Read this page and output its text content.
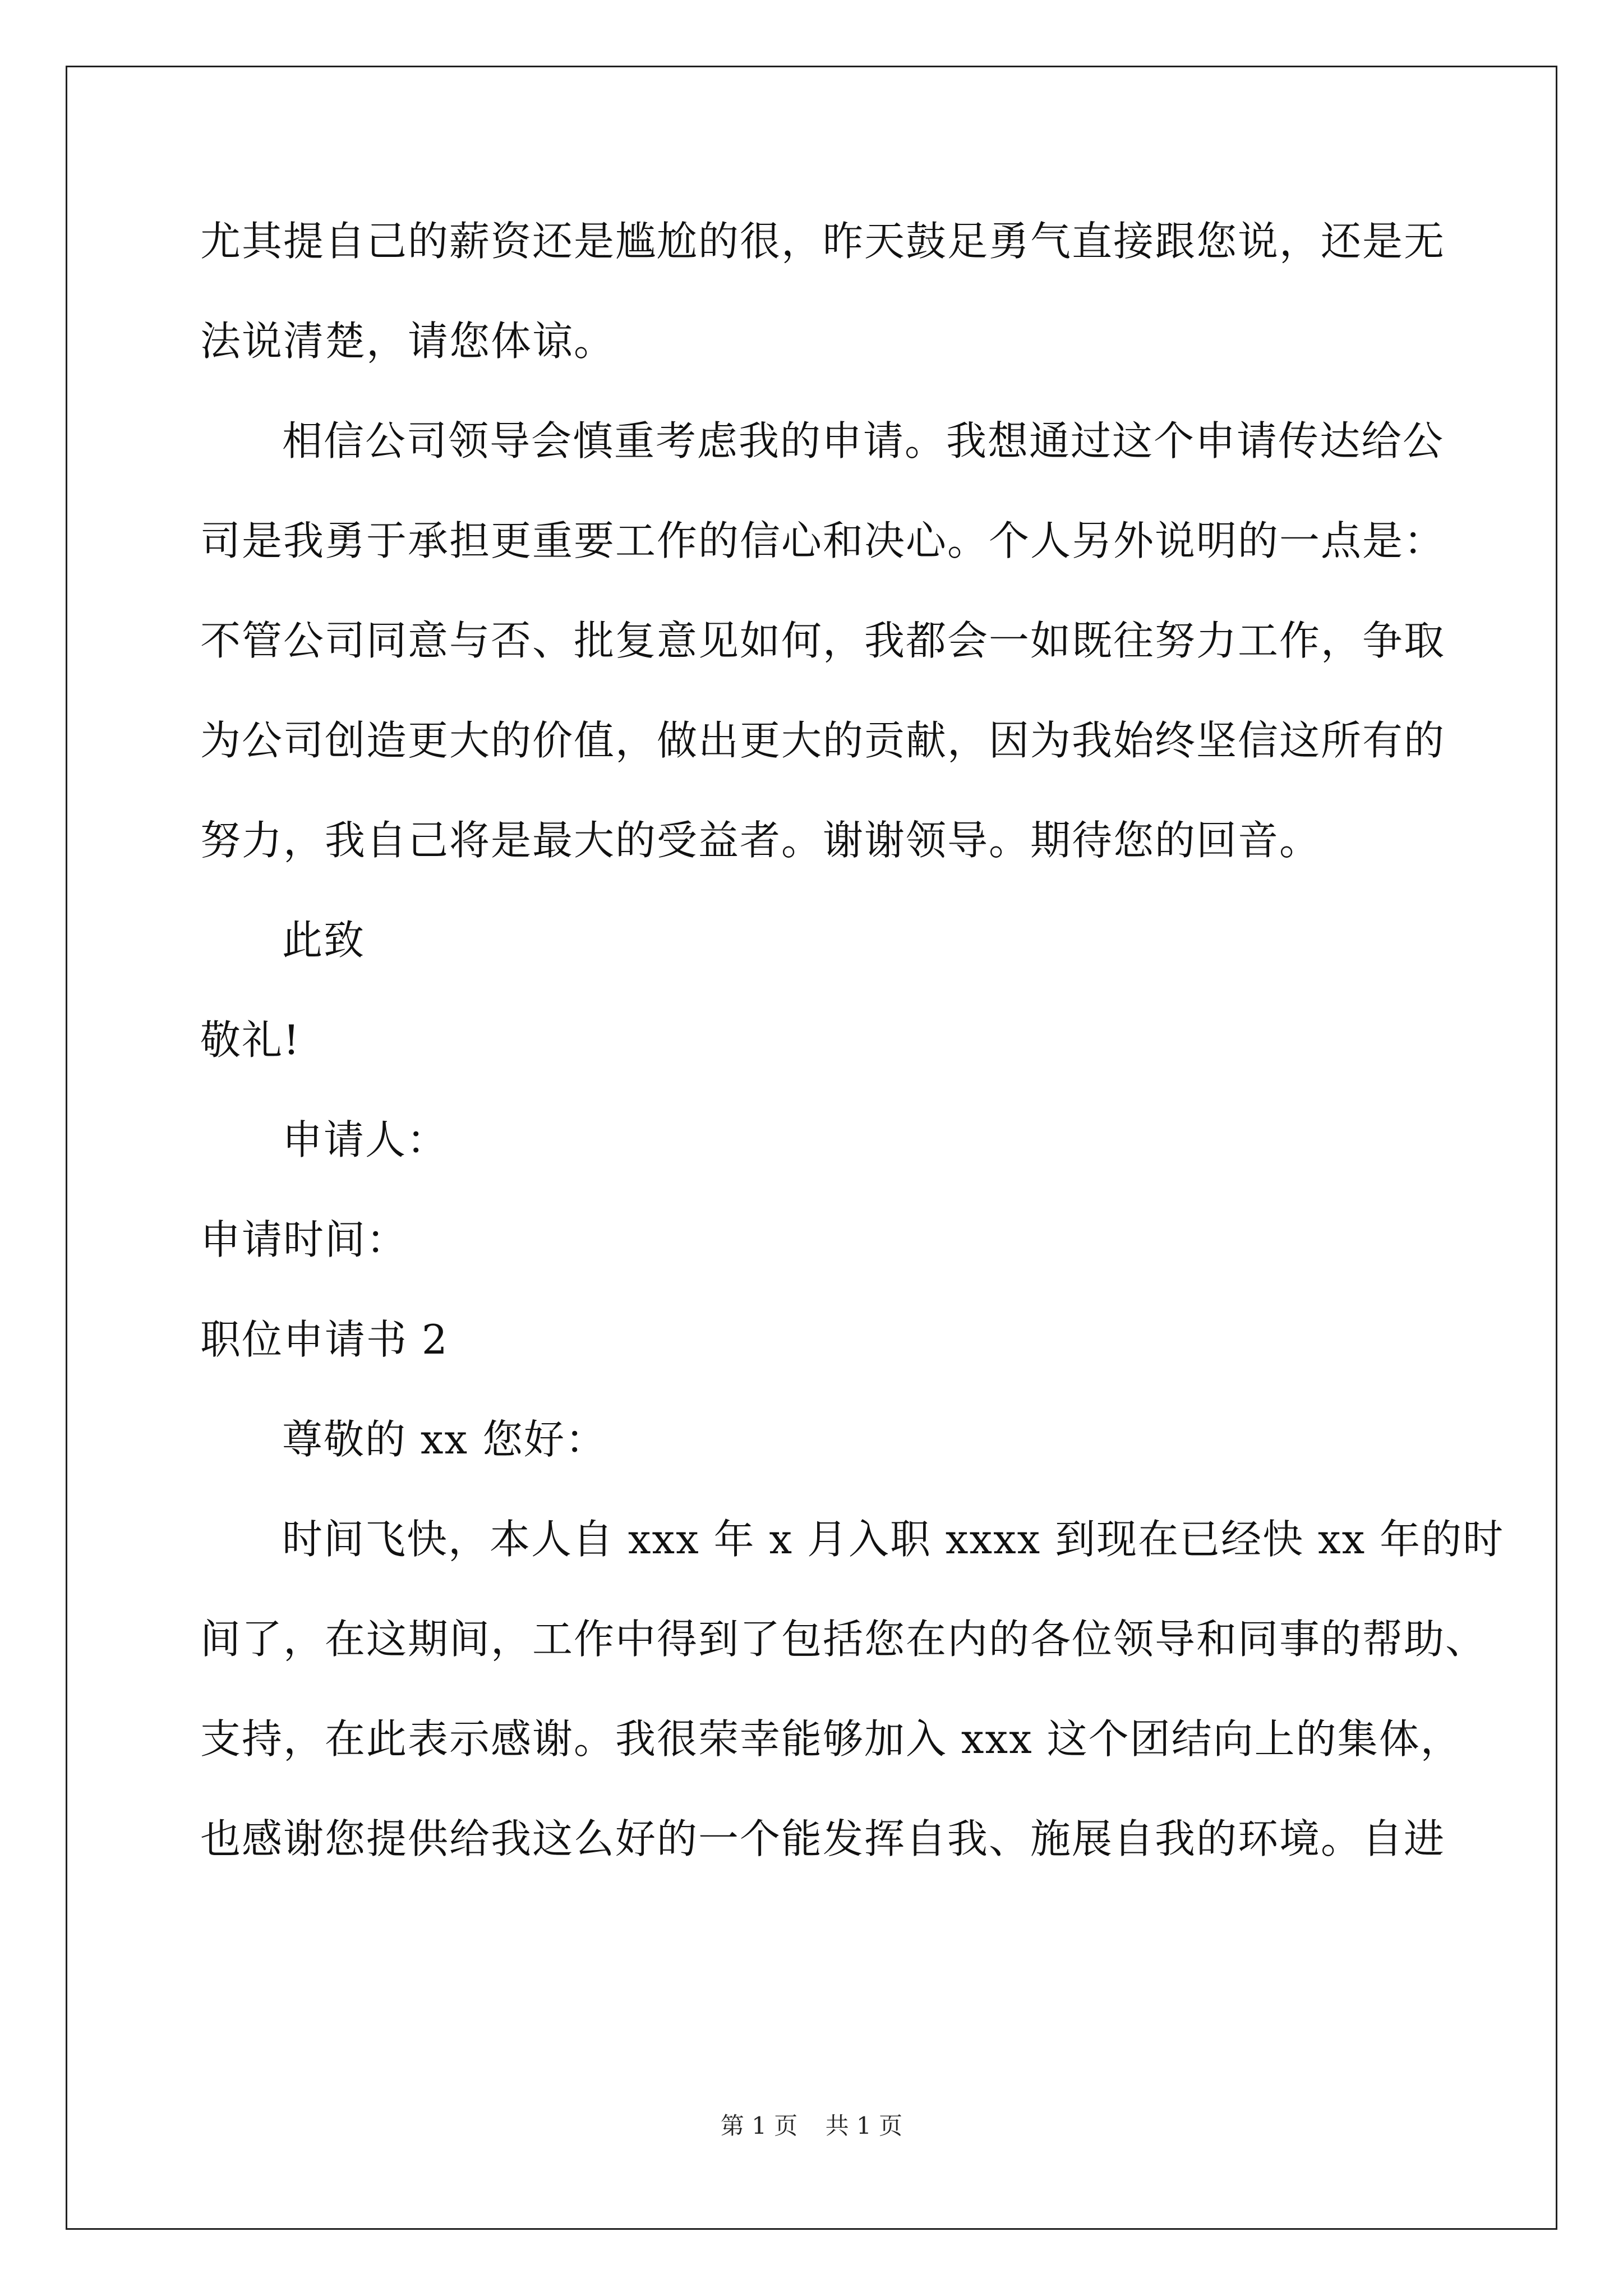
尤其提自己的薪资还是尴尬的很，昨天鼓足勇气直接跟您说，还是无
法说清楚，请您体谅。
相信公司领导会慎重考虑我的申请。我想通过这个申请传达给公
司是我勇于承担更重要工作的信心和决心。个人另外说明的一点是：
不管公司同意与否、批复意见如何，我都会一如既往努力工作，争取
为公司创造更大的价值，做出更大的贡献，因为我始终坚信这所有的
努力，我自己将是最大的受益者。谢谢领导。期待您的回音。
此致
敬礼!
申请人：
申请时间：
职位申请书 2
尊敬的 xx 您好：
时间飞快，本人自 xxx 年 x 月入职 xxxx 到现在已经快 xx 年的时
间了，在这期间，工作中得到了包括您在内的各位领导和同事的帮助、
支持，在此表示感谢。我很荣幸能够加入 xxx 这个团结向上的集体，
也感谢您提供给我这么好的一个能发挥自我、施展自我的环境。自进
第 1 页 共 1 页
